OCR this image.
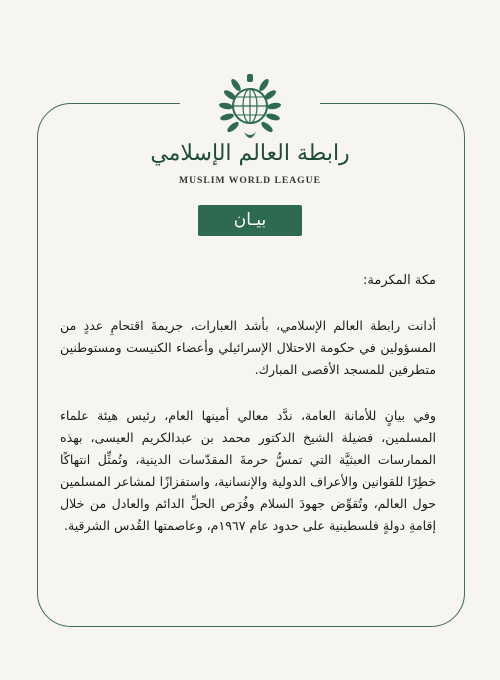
رابطة العالم الإسلامي
MUSLIM WORLD LEAGUE
بيـان
مكة المكرمة:
أدانت رابطة العالم الإسلامي، بأشد العبارات، جريمةَ اقتحامِ عددٍ من المسؤولين في حكومة الاحتلال الإسرائيلي وأعضاء الكنيست ومستوطنين متطرفين للمسجد الأقصى المبارك.
وفي بيانٍ للأمانة العامة، ندَّد معالي أمينها العام، رئيس هيئة علماء المسلمين، فضيلة الشيخ الدكتور محمد بن عبدالكريم العيسى، بهذه الممارسات العبثيَّة التي تمسُّ حرمةَ المقدّسات الدينية، وتُمثِّل انتهاكًا خطِرًا للقوانين والأعراف الدولية والإنسانية، واستفزازًا لمشاعر المسلمين حول العالم، وتُقوِّض جهودَ السلام وفُرَص الحلِّ الدائم والعادل من خلال إقامةِ دولةٍ فلسطينية على حدود عام ١٩٦٧م، وعاصمتها القُدس الشرقية.
